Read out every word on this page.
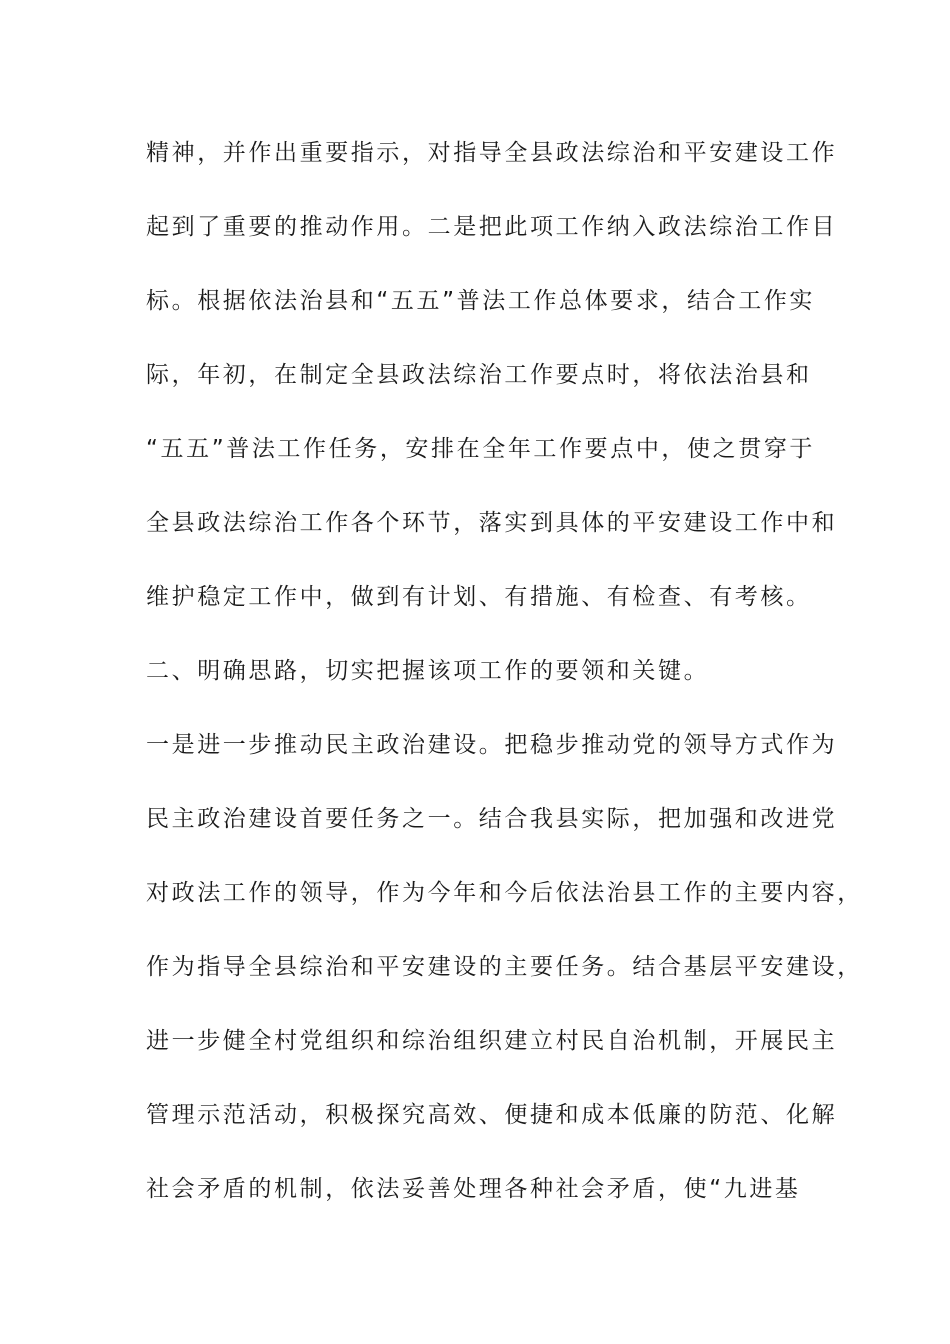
精神，并作出重要指示，对指导全县政法综治和平安建设工作
起到了重要的推动作用。二是把此项工作纳入政法综治工作目
标。根据依法治县和“五五”普法工作总体要求，结合工作实
际，年初，在制定全县政法综治工作要点时，将依法治县和
“五五”普法工作任务，安排在全年工作要点中，使之贯穿于
全县政法综治工作各个环节，落实到具体的平安建设工作中和
维护稳定工作中，做到有计划、有措施、有检查、有考核。
二、明确思路，切实把握该项工作的要领和关键。
一是进一步推动民主政治建设。把稳步推动党的领导方式作为
民主政治建设首要任务之一。结合我县实际，把加强和改进党
对政法工作的领导，作为今年和今后依法治县工作的主要内容，
作为指导全县综治和平安建设的主要任务。结合基层平安建设，
进一步健全村党组织和综治组织建立村民自治机制，开展民主
管理示范活动，积极探究高效、便捷和成本低廉的防范、化解
社会矛盾的机制，依法妥善处理各种社会矛盾，使“九进基
